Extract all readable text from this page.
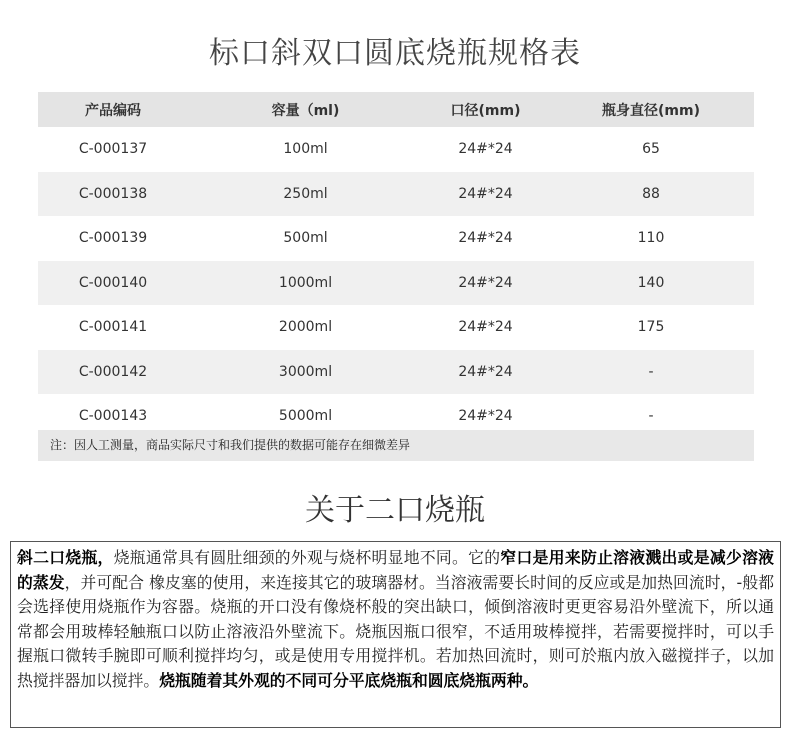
标口斜双口圆底烧瓶规格表
产品编码	容量（ml)	口径(mm)	瓶身直径(mm)
C-000137	100ml	24#*24	65
C-000138	250ml	24#*24	88
C-000139	500ml	24#*24	110
C-000140	1000ml	24#*24	140
C-000141	2000ml	24#*24	175
C-000142	3000ml	24#*24	-
C-000143	5000ml	24#*24	-
注：因人工测量，商品实际尺寸和我们提供的数据可能存在细微差异
关于二口烧瓶
斜二口烧瓶，烧瓶通常具有圆肚细颈的外观与烧杯明显地不同。它的窄口是用来防止溶液溅出或是减少溶液的蒸发，并可配合 橡皮塞的使用，来连接其它的玻璃器材。当溶液需要长时间的反应或是加热回流时，-般都会选择使用烧瓶作为容器。烧瓶的开口没有像烧杯般的突出缺口，倾倒溶液时更更容易沿外壁流下，所以通常都会用玻棒轻触瓶口以防止溶液沿外壁流下。烧瓶因瓶口很窄，不适用玻棒搅拌，若需要搅拌时，可以手握瓶口微转手腕即可顺利搅拌均匀，或是使用专用搅拌机。若加热回流时，则可於瓶内放入磁搅拌子，以加热搅拌器加以搅拌。烧瓶随着其外观的不同可分平底烧瓶和圆底烧瓶两种。
